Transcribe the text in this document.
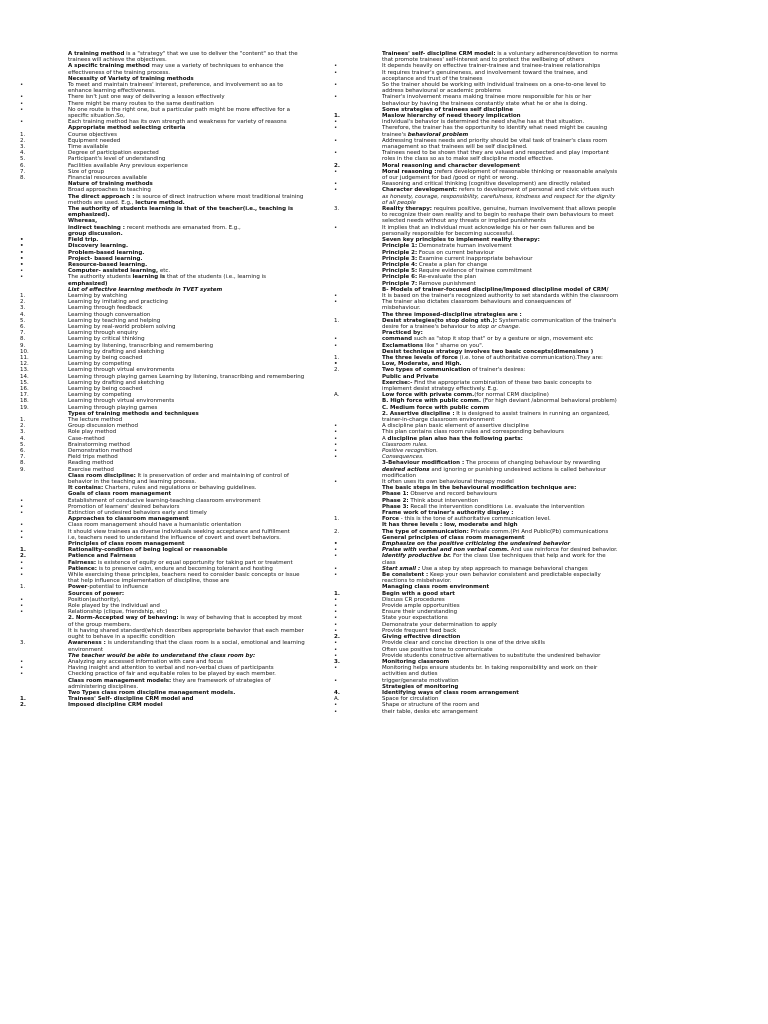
A training method is a "strategy" that we use to deliver the "content" so that the
trainees will achieve the objectives.
A specific training method may use a variety of techniques to enhance the
effectiveness of the training process.
Necessity of Variety of training methods
•	To meet and maintain trainees' interest, preference, and involvement so as to
enhance learning effectiveness.
•	There isn't just one way of delivering a lesson effectively
•	There might be many routes to the same destination
•	No one route is the right one, but a particular path might be more effective for a
specific situation.So,
•	Each training method has its own strength and weakness for variety of reasons
Appropriate method selecting criteria
1.	Course objectives
2.	Equipment needed
3.	Time available
4.	Degree of participation expected
5.	Participant's level of understanding
6.	Facilities available Any previous experience
7.	Size of group
8.	Financial resources available
Nature of training methods
Broad approaches to teaching
The direct approach : is source of direct instruction where most traditional training
methods are used. E.g., lecture method.
The authority of students learning is that of the teacher(i.e., teaching is
emphasized).
Whereas,
indirect teaching : recent methods are emanated from. E.g.,
group discussion.
•	Field trip.
•	Discovery learning.
•	Problem-based learning.
•	Project- based learning.
•	Resource-based learning.
•	Computer- assisted learning, etc.
•	The authority students learning is that of the students (i.e., learning is
emphasized)
List of effective learning methods in TVET system
1.	Learning by watching
2.	Learning by imitating and practicing
3.	Learning through feedback
4.	Learning though conversation
5.	Learning by teaching and helping
6.	Learning by real-world problem solving
7.	Learning through enquiry
8.	Learning by critical thinking
9.	Learning by listening, transcribing and remembering
10.	Learning by drafting and sketching
11.	Learning by being coached
12.	Learning by competing
13.	Learning through virtual environments
14.	Learning through playing games Learning by listening, transcribing and remembering
15.	Learning by drafting and sketching
16.	Learning by being coached
17.	Learning by competing
18.	Learning through virtual environments
19.	Learning through playing games
Types of training methods and techniques
1.	The lecture method
2.	Group discussion method
3.	Role play method
4.	Case-method
5.	Brainstorming method
6.	Demonstration method
7.	Field trips method
8.	Reading method
9.	Exercise method
Class room discipline: It is preservation of order and maintaining of control of
behavior in the teaching and learning process.
It contains: Charters, rules and regulations or behaving guidelines.
Goals of class room management
•	Establishment of conducive learning-teaching classroom environment
•	Promotion of learners' desired behaviors
•	Extinction of undesired behaviors early and timely
Approaches to classroom management
•	Class room management should have a humanistic orientation
•	It should view trainees as diverse individuals seeking acceptance and fulfillment
•	i.e, teachers need to understand the influence of covert and overt behaviors.
Principles of class room management
1.	Rationality-condition of being logical or reasonable
2.	Patience and Fairness
•	Fairness: is existence of equity or equal opportunity for taking part or treatment
•	Patience: is to preserve calm, endure and becoming tolerant and hosting
•	While exercising these principles, teachers need to consider basic concepts or issue
that help influence implementation of discipline, those are
1.	Power-potential to influence
Sources of power:
•	Position(authority),
•	Role played by the individual and
•	Relationship (clique, friendship, etc)
2. Norm-Accepted way of behaving: is way of behaving that is accepted by most
of the group members.
It is having shared standard(which describes appropriate behavior that each member
ought to behave in a specific condition
3.	Awareness : is understanding that the class room is a social, emotional and learning
environment
The teacher would be able to understand the class room by:
•	Analyzing any accessed information with care and focus
•	Having insight and attention to verbal and non-verbal clues of participants
•	Checking practice of fair and equitable roles to be played by each member.
Class room management models: they are framework of strategies of
administering disciplines.
Two Types class room discipline management models.
1.	Trainees' Self- discipline CRM model and
2.	Imposed discipline CRM model
Trainees' self- discipline CRM model: is a voluntary adherence/devotion to norms
that promote trainees' self-interest and to protect the wellbeing of others
•	It depends heavily on effective trainer-trainee and trainee-trainee relationships
•	It requires trainer's genuineness, and involvement toward the trainee, and
acceptance and trust of the trainees
•	So the trainer should be working with individual trainees on a one-to-one level to
address behavioural or academic problems
•	Trainer's involvement means making trainee more responsible for his or her
behaviour by having the trainees constantly state what he or she is doing.
Some strategies of trainees self discipline
1.	Maslow hierarchy of need theory implication
•	individual's behavior is determined the need she/he has at that situation.
•	Therefore, the trainer has the opportunity to identify what need might be causing
trainee's behavioral problem
•	Addressing trainees needs and priority should be vital task of trainer's class room
management so that trainees will be self disciplined.
•	Trainees need to be shown that they are valued and respected and play important
roles in the class so as to make self discipline model effective.
2.	Moral reasoning and character development
•	Moral reasoning :refers development of reasonable thinking or reasonable analysis
of our judgement for bad /good or right or wrong.
•	Reasoning and critical thinking (cognitive development) are directly related
•	Character development: refers to development of personal and civic virtues such
as honesty, courage, responsibility, carefulness, kindness and respect for the dignity
of all people
3.	Reality therapy: requires positive, genuine, human involvement that allows people
to recognize their own reality and to begin to reshape their own behaviours to meet
selected needs without any threats or implied punishments
•	It implies that an individual must acknowledge his or her own failures and be
personally responsible for becoming successful.
Seven key principles to implement reality therapy:
Principle 1: Demonstrate human involvement
Principle 2: Focus on current behaviour
Principle 3: Examine current inappropriate behaviour
Principle 4: Create a plan for change
Principle 5: Require evidence of trainee commitment
Principle 6: Re-evaluate the plan
Principle 7: Remove punishment
B- Models of trainer-focused discipline/Imposed discipline model of CRM/
•	It is based on the trainer's recognized authority to set standards within the classroom
•	The trainer also dictates classroom behaviours and consequences of
misbehaviour.
The three imposed-discipline strategies are :
1.	Desist strategies(to stop doing sth.): Systematic communication of the trainer's
desire for a trainee's behaviour to stop or change.
Practiced by:
•	command such as "stop it stop that" or by a gesture or sign, movement etc
•	Exclamations like " shame on you".
Desist technique strategy involves two basic concepts(dimensions )
1.	The three levels of force (i.e. tone of authoritative communication).They are:
•	Low, Moderate, and High.
2.	Two types of communication of trainer's desires:
Public and Private
Exercise:- Find the appropriate combination of these two basic concepts to
implement desist strategy effectively. E.g.
A.	Low force with private comm.(for normal CRM discipline)
B. High force with public comm. (For high deviant /abnormal behavioral problem)
C. Medium force with public comm
2. Assertive discipline : It is designed to assist trainers in running an organized,
trainer-in-charge classroom environment
•	A discipline plan basic element of assertive discipline
•	This plan contains class room rules and corresponding behaviours
•	A discipline plan also has the following parts:
•	Classroom rules.
•	Positive recognition.
•	Consequences.
3-Behaviour modification : The process of changing behaviour by rewarding
desired actions and ignoring or punishing undesired actions is called behaviour
modification
•	It often uses its own behavioural therapy model
The basic steps in the behavioural modification technique are:
Phase 1: Observe and record behaviours
Phase 2: Think about intervention
Phase 3: Recall the intervention conditions i.e. evaluate the intervention
Frame work of trainer's authority display :
1.	Force - this is the tone of authoritative communication level.
It has three levels : low, moderate and high
2.	The type of communication: Private comm.(Pri And Public(Pb) communications
General principles of class room management
•	Emphasize on the positive criticizing the undesired behavior
•	Praise with verbal and non verbal comm. And use reinforce for desired behavior.
•	Identify productive br. For the class Use techniques that help and work for the
class
•	Start small : Use a step by step approach to manage behavioral changes
•	Be consistent : Keep your own behavior consistent and predictable especially
reactions to misbehavior.
Managing class room environment
1.	Begin with a good start
•	Discuss CR procedures
•	Provide ample opportunities
•	Ensure their understanding
•	State your expectations
•	Demonstrate your determination to apply
•	Provide frequent feed back
2.	Giving effective direction
•	Provide clear and concise direction is one of the drive skills
•	Often use positive tone to communicate
•	Provide students constructive alternatives to substitute the undesired behavior
3.	Monitoring classroom
•	Monitoring helps ensure students br. In taking responsibility and work on their
activities and duties
•	trigger/generate motivation
Strategies of monitoring
4.	Identifying ways of class room arrangement
A.	Space for circulation
•	Shape or structure of the room and
•	their table, desks etc arrangement
